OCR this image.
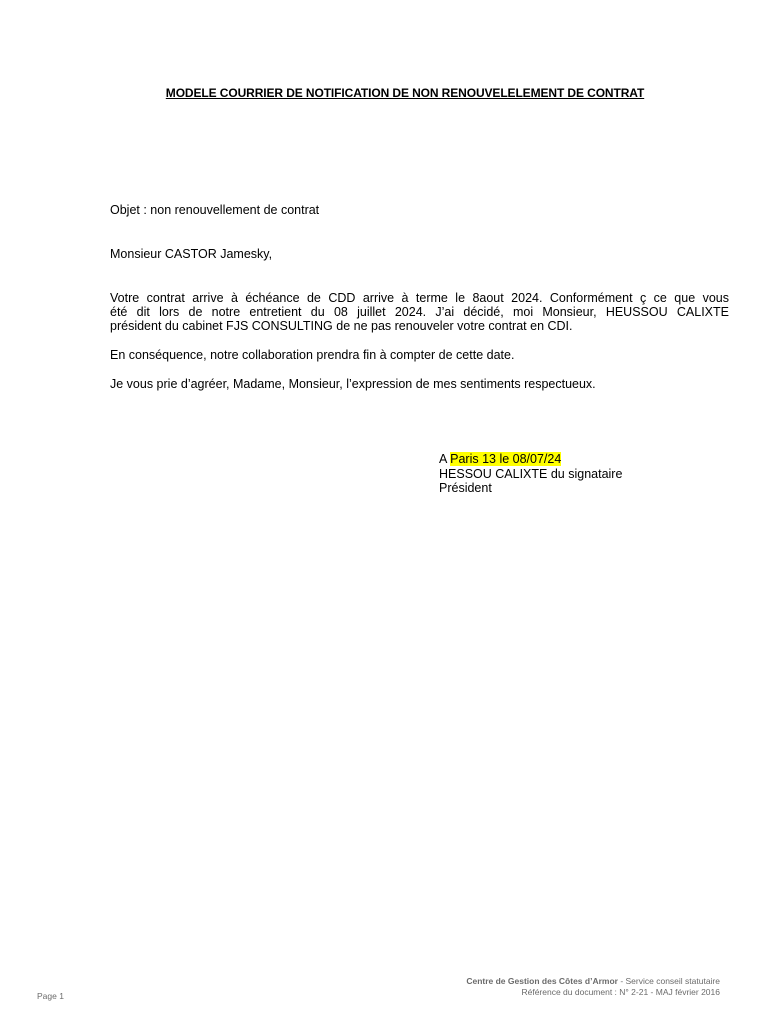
MODELE COURRIER DE NOTIFICATION DE NON RENOUVELELEMENT DE CONTRAT
Objet : non renouvellement de contrat
Monsieur CASTOR Jamesky,
Votre contrat arrive à échéance de CDD arrive à terme le 8aout 2024. Conformément ç ce que vous
été dit lors de notre entretient du 08 juillet 2024. J’ai décidé, moi Monsieur, HEUSSOU CALIXTE
président du cabinet FJS CONSULTING de ne pas renouveler votre contrat en CDI.
En conséquence, notre collaboration prendra fin à compter de cette date.
Je vous prie d’agréer, Madame, Monsieur, l’expression de mes sentiments respectueux.
A Paris 13 le 08/07/24
HESSOU CALIXTE du signataire
Président
Centre de Gestion des Côtes d’Armor - Service conseil statutaire
Référence du document : N° 2-21 - MAJ février 2016
Page 1
